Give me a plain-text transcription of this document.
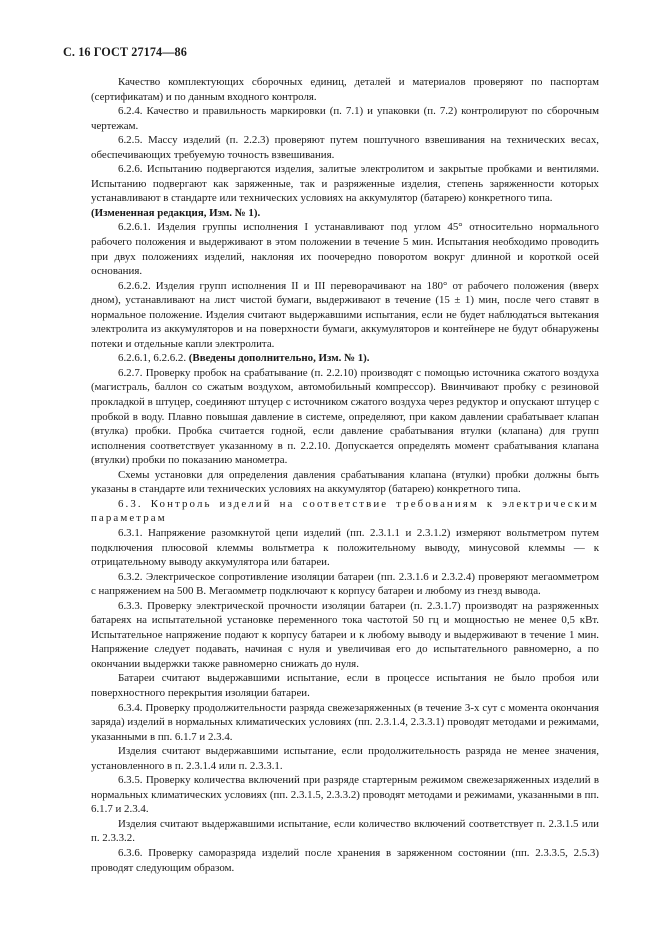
С. 16 ГОСТ 27174—86

Качество комплектующих сборочных единиц, деталей и материалов проверяют по паспортам (сертификатам) и по данным входного контроля.

6.2.4. Качество и правильность маркировки (п. 7.1) и упаковки (п. 7.2) контролируют по сборочным чертежам.

6.2.5. Массу изделий (п. 2.2.3) проверяют путем поштучного взвешивания на технических весах, обеспечивающих требуемую точность взвешивания.

6.2.6. Испытанию подвергаются изделия, залитые электролитом и закрытые пробками и вентилями. Испытанию подвергают как заряженные, так и разряженные изделия, степень заряженности которых устанавливают в стандарте или технических условиях на аккумулятор (батарею) конкретного типа.

(Измененная редакция, Изм. № 1).

6.2.6.1. Изделия группы исполнения I устанавливают под углом 45° относительно нормального рабочего положения и выдерживают в этом положении в течение 5 мин. Испытания необходимо проводить при двух положениях изделий, наклоняя их поочередно поворотом вокруг длинной и короткой осей основания.

6.2.6.2. Изделия групп исполнения II и III переворачивают на 180° от рабочего положения (вверх дном), устанавливают на лист чистой бумаги, выдерживают в течение (15 ± 1) мин, после чего ставят в нормальное положение. Изделия считают выдержавшими испытания, если не будет наблюдаться вытекания электролита из аккумуляторов и на поверхности бумаги, аккумуляторов и контейнере не будут обнаружены потеки и отдельные капли электролита.

6.2.6.1, 6.2.6.2. (Введены дополнительно, Изм. № 1).

6.2.7. Проверку пробок на срабатывание (п. 2.2.10) производят с помощью источника сжатого воздуха (магистраль, баллон со сжатым воздухом, автомобильный компрессор). Ввинчивают пробку с резиновой прокладкой в штуцер, соединяют штуцер с источником сжатого воздуха через редуктор и опускают штуцер с пробкой в воду. Плавно повышая давление в системе, определяют, при каком давлении срабатывает клапан (втулка) пробки. Пробка считается годной, если давление срабатывания втулки (клапана) для групп исполнения соответствует указанному в п. 2.2.10. Допускается определять момент срабатывания клапана (втулки) пробки по показанию манометра.

Схемы установки для определения давления срабатывания клапана (втулки) пробки должны быть указаны в стандарте или технических условиях на аккумулятор (батарею) конкретного типа.

6.3. Контроль изделий на соответствие требованиям к электрическим параметрам

6.3.1. Напряжение разомкнутой цепи изделий (пп. 2.3.1.1 и 2.3.1.2) измеряют вольтметром путем подключения плюсовой клеммы вольтметра к положительному выводу, минусовой клеммы — к отрицательному выводу аккумулятора или батареи.

6.3.2. Электрическое сопротивление изоляции батареи (пп. 2.3.1.6 и 2.3.2.4) проверяют мегаомметром с напряжением на 500 В. Мегаомметр подключают к корпусу батареи и любому из гнезд вывода.

6.3.3. Проверку электрической прочности изоляции батареи (п. 2.3.1.7) производят на разряженных батареях на испытательной установке переменного тока частотой 50 гц и мощностью не менее 0,5 кВт. Испытательное напряжение подают к корпусу батареи и к любому выводу и выдерживают в течение 1 мин. Напряжение следует подавать, начиная с нуля и увеличивая его до испытательного равномерно, а по окончании выдержки также равномерно снижать до нуля.

Батареи считают выдержавшими испытание, если в процессе испытания не было пробоя или поверхностного перекрытия изоляции батареи.

6.3.4. Проверку продолжительности разряда свежезаряженных (в течение 3-х сут с момента окончания заряда) изделий в нормальных климатических условиях (пп. 2.3.1.4, 2.3.3.1) проводят методами и режимами, указанными в пп. 6.1.7 и 2.3.4.

Изделия считают выдержавшими испытание, если продолжительность разряда не менее значения, установленного в п. 2.3.1.4 или п. 2.3.3.1.

6.3.5. Проверку количества включений при разряде стартерным режимом свежезаряженных изделий в нормальных климатических условиях (пп. 2.3.1.5, 2.3.3.2) проводят методами и режимами, указанными в пп. 6.1.7 и 2.3.4.

Изделия считают выдержавшими испытание, если количество включений соответствует п. 2.3.1.5 или п. 2.3.3.2.

6.3.6. Проверку саморазряда изделий после хранения в заряженном состоянии (пп. 2.3.3.5, 2.5.3) проводят следующим образом.
